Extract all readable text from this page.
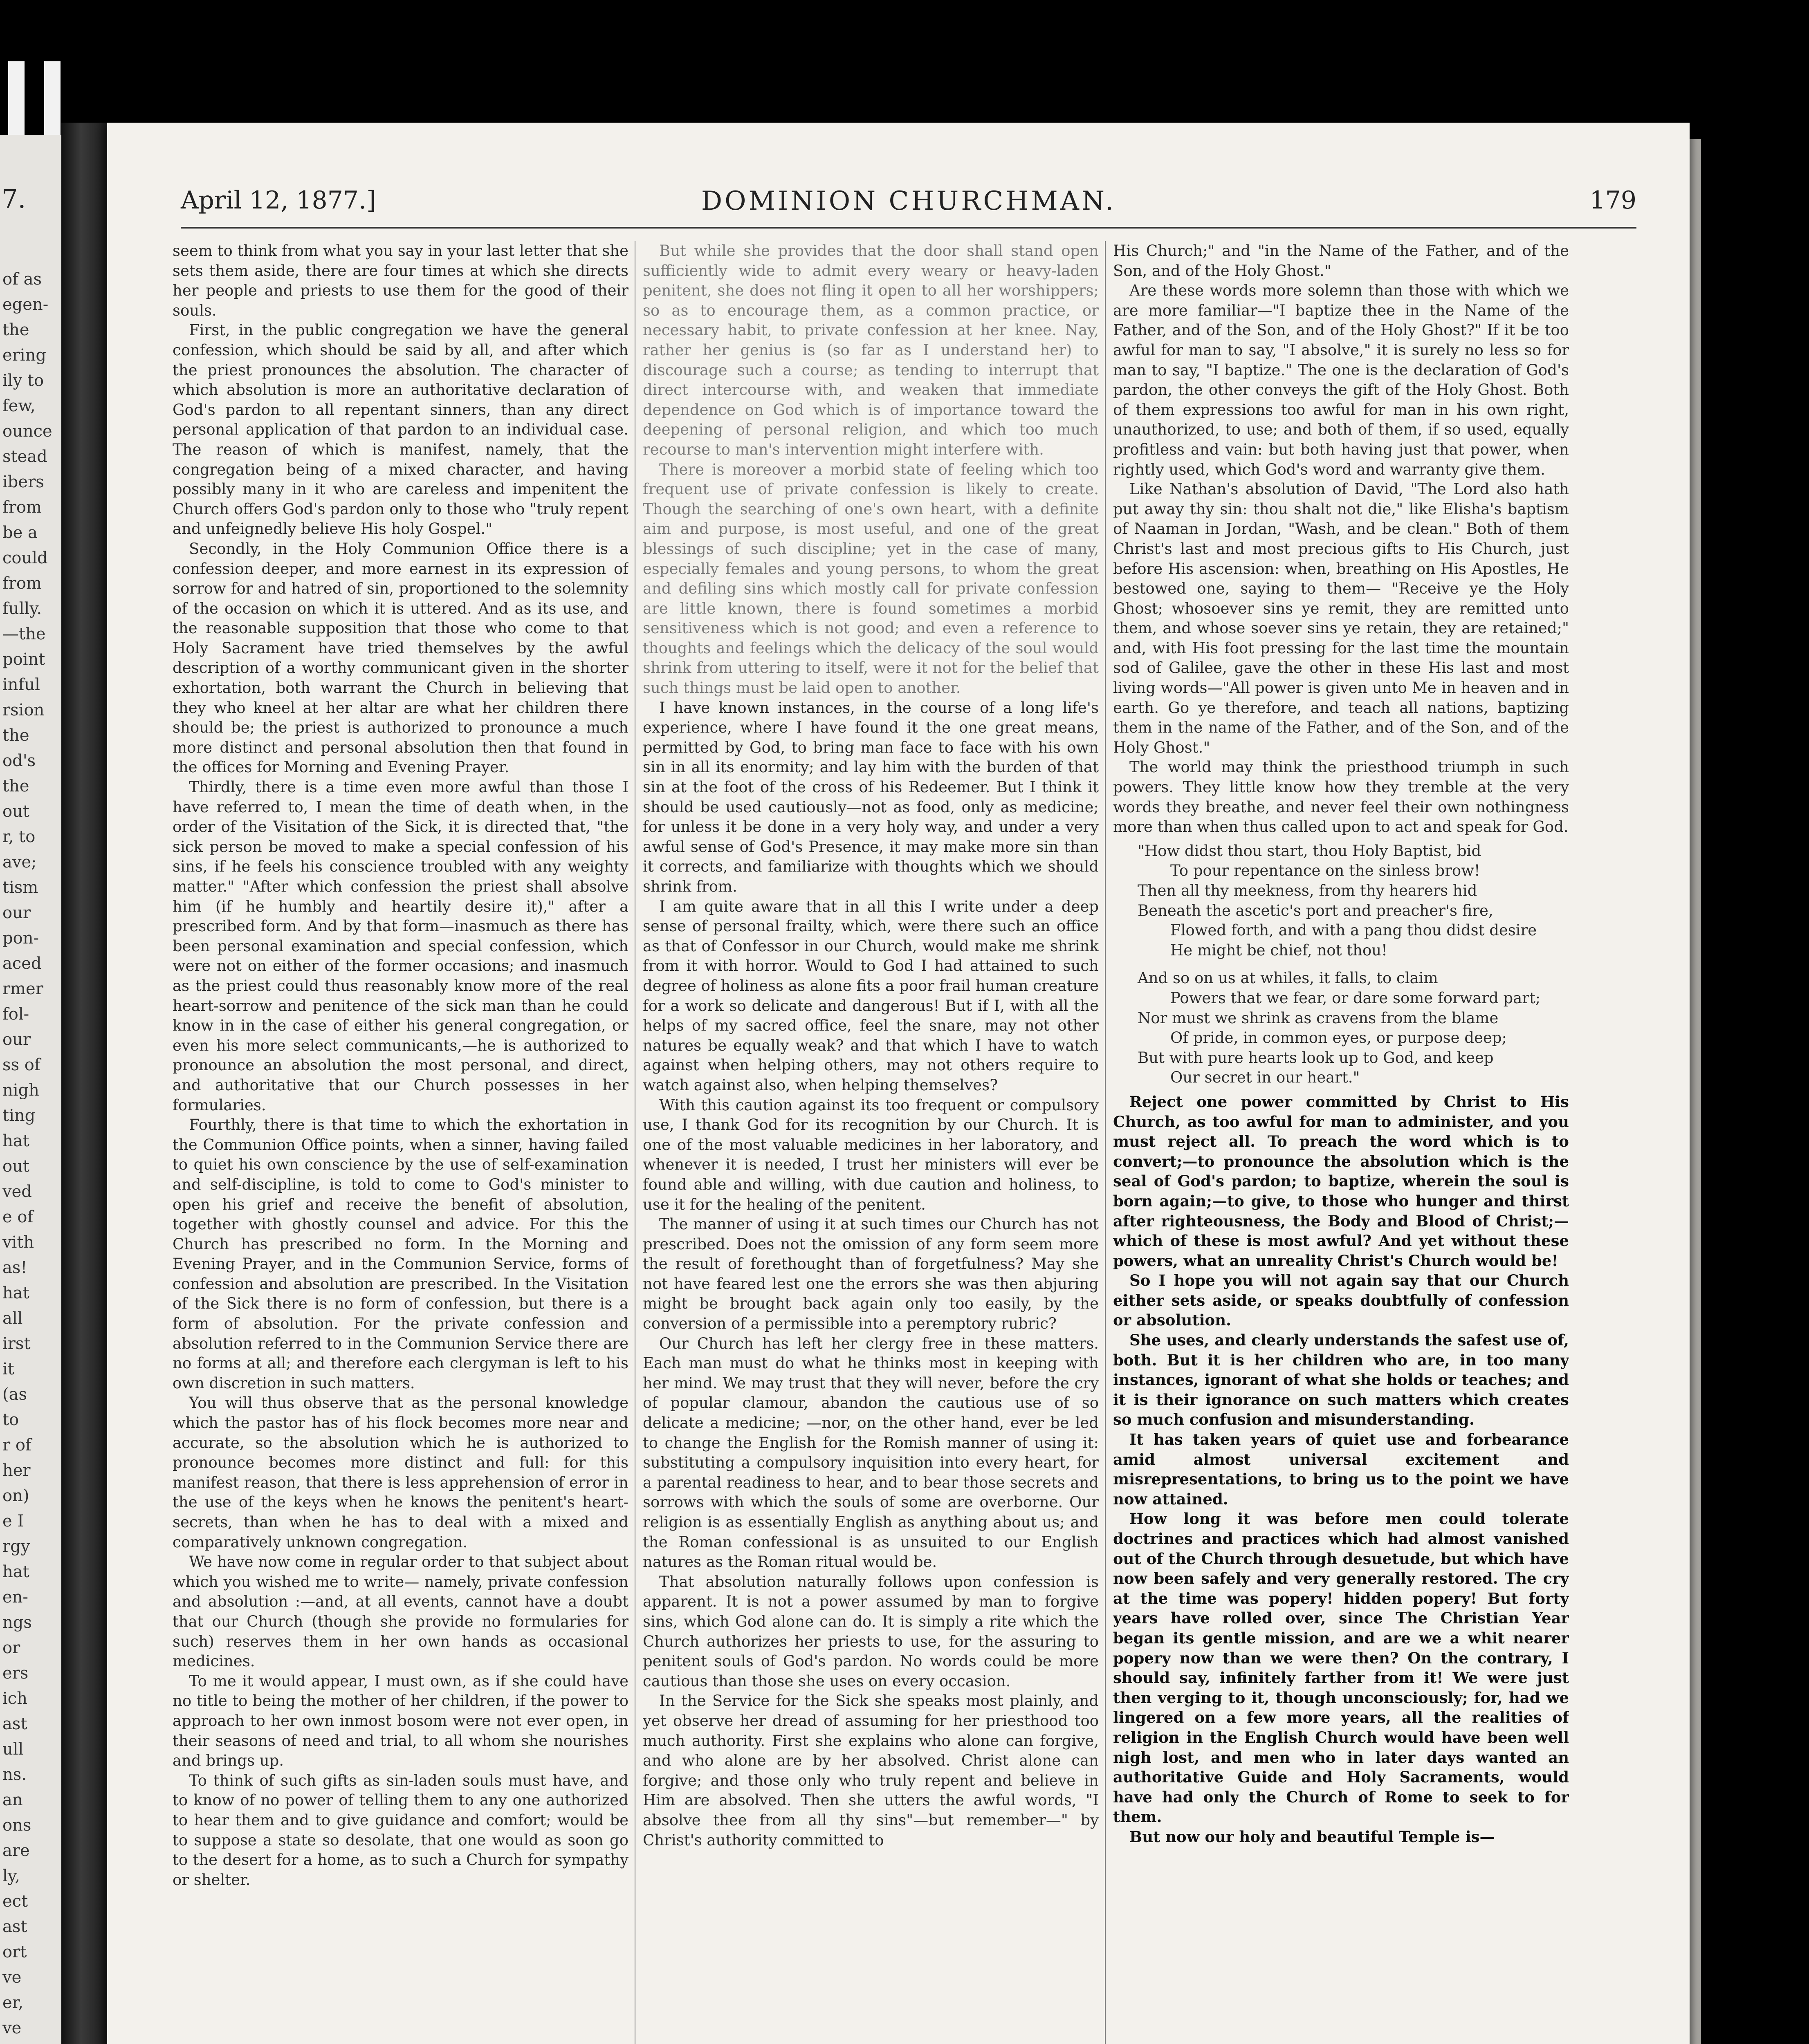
7.
of as
egen-
the
ering
ily to
few,
ounce
stead
ibers
from
be a
could
from
fully.
—the
point
inful
rsion
the
od's
the
out
r, to
ave;
tism
our
pon-
aced
rmer
fol-
our
ss of
nigh
ting
hat
out
ved
e of
vith
as!
hat
all
irst
it
(as
to
r of
her
on)
e I
rgy
hat
en-
ngs
or
ers
ich
ast
ull
ns.
an
ons
are
ly,
ect
ast
ort
ve
er,
ve
April 12, 1877.]	DOMINION CHURCHMAN.	179

seem to think from what you say in your last letter that she sets them aside, there are four times at which she directs her people and priests to use them for the good of their souls.

First, in the public congregation we have the general confession, which should be said by all, and after which the priest pronounces the absolution. The character of which absolution is more an authoritative declaration of God's pardon to all repentant sinners, than any direct personal application of that pardon to an individual case. The reason of which is manifest, namely, that the congregation being of a mixed character, and having possibly many in it who are careless and impenitent the Church offers God's pardon only to those who "truly repent and unfeignedly believe His holy Gospel."

Secondly, in the Holy Communion Office there is a confession deeper, and more earnest in its expression of sorrow for and hatred of sin, proportioned to the solemnity of the occasion on which it is uttered. And as its use, and the reasonable supposition that those who come to that Holy Sacrament have tried themselves by the awful description of a worthy communicant given in the shorter exhortation, both warrant the Church in believing that they who kneel at her altar are what her children there should be; the priest is authorized to pronounce a much more distinct and personal absolution then that found in the offices for Morning and Evening Prayer.

Thirdly, there is a time even more awful than those I have referred to, I mean the time of death when, in the order of the Visitation of the Sick, it is directed that, "the sick person be moved to make a special confession of his sins, if he feels his conscience troubled with any weighty matter." "After which confession the priest shall absolve him (if he humbly and heartily desire it)," after a prescribed form. And by that form—inasmuch as there has been personal examination and special confession, which were not on either of the former occasions; and inasmuch as the priest could thus reasonably know more of the real heart-sorrow and penitence of the sick man than he could know in in the case of either his general congregation, or even his more select communicants,—he is authorized to pronounce an absolution the most personal, and direct, and authoritative that our Church possesses in her formularies.

Fourthly, there is that time to which the exhortation in the Communion Office points, when a sinner, having failed to quiet his own conscience by the use of self-examination and self-discipline, is told to come to God's minister to open his grief and receive the benefit of absolution, together with ghostly counsel and advice. For this the Church has prescribed no form. In the Morning and Evening Prayer, and in the Communion Service, forms of confession and absolution are prescribed. In the Visitation of the Sick there is no form of confession, but there is a form of absolution. For the private confession and absolution referred to in the Communion Service there are no forms at all; and therefore each clergyman is left to his own discretion in such matters.

You will thus observe that as the personal knowledge which the pastor has of his flock becomes more near and accurate, so the absolution which he is authorized to pronounce becomes more distinct and full: for this manifest reason, that there is less apprehension of error in the use of the keys when he knows the penitent's heart-secrets, than when he has to deal with a mixed and comparatively unknown congregation.

We have now come in regular order to that subject about which you wished me to write— namely, private confession and absolution :—and, at all events, cannot have a doubt that our Church (though she provide no formularies for such) reserves them in her own hands as occasional medicines.

To me it would appear, I must own, as if she could have no title to being the mother of her children, if the power to approach to her own inmost bosom were not ever open, in their seasons of need and trial, to all whom she nourishes and brings up.

To think of such gifts as sin-laden souls must have, and to know of no power of telling them to any one authorized to hear them and to give guidance and comfort; would be to suppose a state so desolate, that one would as soon go to the desert for a home, as to such a Church for sympathy or shelter.

But while she provides that the door shall stand open sufficiently wide to admit every weary or heavy-laden penitent, she does not fling it open to all her worshippers; so as to encourage them, as a common practice, or necessary habit, to private confession at her knee. Nay, rather her genius is (so far as I understand her) to discourage such a course; as tending to interrupt that direct intercourse with, and weaken that immediate dependence on God which is of importance toward the deepening of personal religion, and which too much recourse to man's intervention might interfere with.

There is moreover a morbid state of feeling which too frequent use of private confession is likely to create. Though the searching of one's own heart, with a definite aim and purpose, is most useful, and one of the great blessings of such discipline; yet in the case of many, especially females and young persons, to whom the great and defiling sins which mostly call for private confession are little known, there is found sometimes a morbid sensitiveness which is not good; and even a reference to thoughts and feelings which the delicacy of the soul would shrink from uttering to itself, were it not for the belief that such things must be laid open to another.

I have known instances, in the course of a long life's experience, where I have found it the one great means, permitted by God, to bring man face to face with his own sin in all its enormity; and lay him with the burden of that sin at the foot of the cross of his Redeemer. But I think it should be used cautiously—not as food, only as medicine; for unless it be done in a very holy way, and under a very awful sense of God's Presence, it may make more sin than it corrects, and familiarize with thoughts which we should shrink from.

I am quite aware that in all this I write under a deep sense of personal frailty, which, were there such an office as that of Confessor in our Church, would make me shrink from it with horror. Would to God I had attained to such degree of holiness as alone fits a poor frail human creature for a work so delicate and dangerous! But if I, with all the helps of my sacred office, feel the snare, may not other natures be equally weak? and that which I have to watch against when helping others, may not others require to watch against also, when helping themselves?

With this caution against its too frequent or compulsory use, I thank God for its recognition by our Church. It is one of the most valuable medicines in her laboratory, and whenever it is needed, I trust her ministers will ever be found able and willing, with due caution and holiness, to use it for the healing of the penitent.

The manner of using it at such times our Church has not prescribed. Does not the omission of any form seem more the result of forethought than of forgetfulness? May she not have feared lest one the errors she was then abjuring might be brought back again only too easily, by the conversion of a permissible into a peremptory rubric?

Our Church has left her clergy free in these matters. Each man must do what he thinks most in keeping with her mind. We may trust that they will never, before the cry of popular clamour, abandon the cautious use of so delicate a medicine; —nor, on the other hand, ever be led to change the English for the Romish manner of using it: substituting a compulsory inquisition into every heart, for a parental readiness to hear, and to bear those secrets and sorrows with which the souls of some are overborne. Our religion is as essentially English as anything about us; and the Roman confessional is as unsuited to our English natures as the Roman ritual would be.

That absolution naturally follows upon confession is apparent. It is not a power assumed by man to forgive sins, which God alone can do. It is simply a rite which the Church authorizes her priests to use, for the assuring to penitent souls of God's pardon. No words could be more cautious than those she uses on every occasion.

In the Service for the Sick she speaks most plainly, and yet observe her dread of assuming for her priesthood too much authority. First she explains who alone can forgive, and who alone are by her absolved. Christ alone can forgive; and those only who truly repent and believe in Him are absolved. Then she utters the awful words, "I absolve thee from all thy sins"—but remember—" by Christ's authority committed to

His Church;" and "in the Name of the Father, and of the Son, and of the Holy Ghost."

Are these words more solemn than those with which we are more familiar—"I baptize thee in the Name of the Father, and of the Son, and of the Holy Ghost?" If it be too awful for man to say, "I absolve," it is surely no less so for man to say, "I baptize." The one is the declaration of God's pardon, the other conveys the gift of the Holy Ghost. Both of them expressions too awful for man in his own right, unauthorized, to use; and both of them, if so used, equally profitless and vain: but both having just that power, when rightly used, which God's word and warranty give them.

Like Nathan's absolution of David, "The Lord also hath put away thy sin: thou shalt not die," like Elisha's baptism of Naaman in Jordan, "Wash, and be clean." Both of them Christ's last and most precious gifts to His Church, just before His ascension: when, breathing on His Apostles, He bestowed one, saying to them— "Receive ye the Holy Ghost; whosoever sins ye remit, they are remitted unto them, and whose soever sins ye retain, they are retained;" and, with His foot pressing for the last time the mountain sod of Galilee, gave the other in these His last and most living words—"All power is given unto Me in heaven and in earth. Go ye therefore, and teach all nations, baptizing them in the name of the Father, and of the Son, and of the Holy Ghost."

The world may think the priesthood triumph in such powers. They little know how they tremble at the very words they breathe, and never feel their own nothingness more than when thus called upon to act and speak for God.

"How didst thou start, thou Holy Baptist, bid
To pour repentance on the sinless brow!
Then all thy meekness, from thy hearers hid
Beneath the ascetic's port and preacher's fire,
Flowed forth, and with a pang thou didst desire
He might be chief, not thou!
And so on us at whiles, it falls, to claim
Powers that we fear, or dare some forward part;
Nor must we shrink as cravens from the blame
Of pride, in common eyes, or purpose deep;
But with pure hearts look up to God, and keep
Our secret in our heart."

Reject one power committed by Christ to His Church, as too awful for man to administer, and you must reject all. To preach the word which is to convert;—to pronounce the absolution which is the seal of God's pardon; to baptize, wherein the soul is born again;—to give, to those who hunger and thirst after righteousness, the Body and Blood of Christ;—which of these is most awful? And yet without these powers, what an unreality Christ's Church would be!

So I hope you will not again say that our Church either sets aside, or speaks doubtfully of confession or absolution.

She uses, and clearly understands the safest use of, both. But it is her children who are, in too many instances, ignorant of what she holds or teaches; and it is their ignorance on such matters which creates so much confusion and misunderstanding.

It has taken years of quiet use and forbearance amid almost universal excitement and misrepresentations, to bring us to the point we have now attained.

How long it was before men could tolerate doctrines and practices which had almost vanished out of the Church through desuetude, but which have now been safely and very generally restored. The cry at the time was popery! hidden popery! But forty years have rolled over, since The Christian Year began its gentle mission, and are we a whit nearer popery now than we were then? On the contrary, I should say, infinitely farther from it! We were just then verging to it, though unconsciously; for, had we lingered on a few more years, all the realities of religion in the English Church would have been well nigh lost, and men who in later days wanted an authoritative Guide and Holy Sacraments, would have had only the Church of Rome to seek to for them.

But now our holy and beautiful Temple is—
